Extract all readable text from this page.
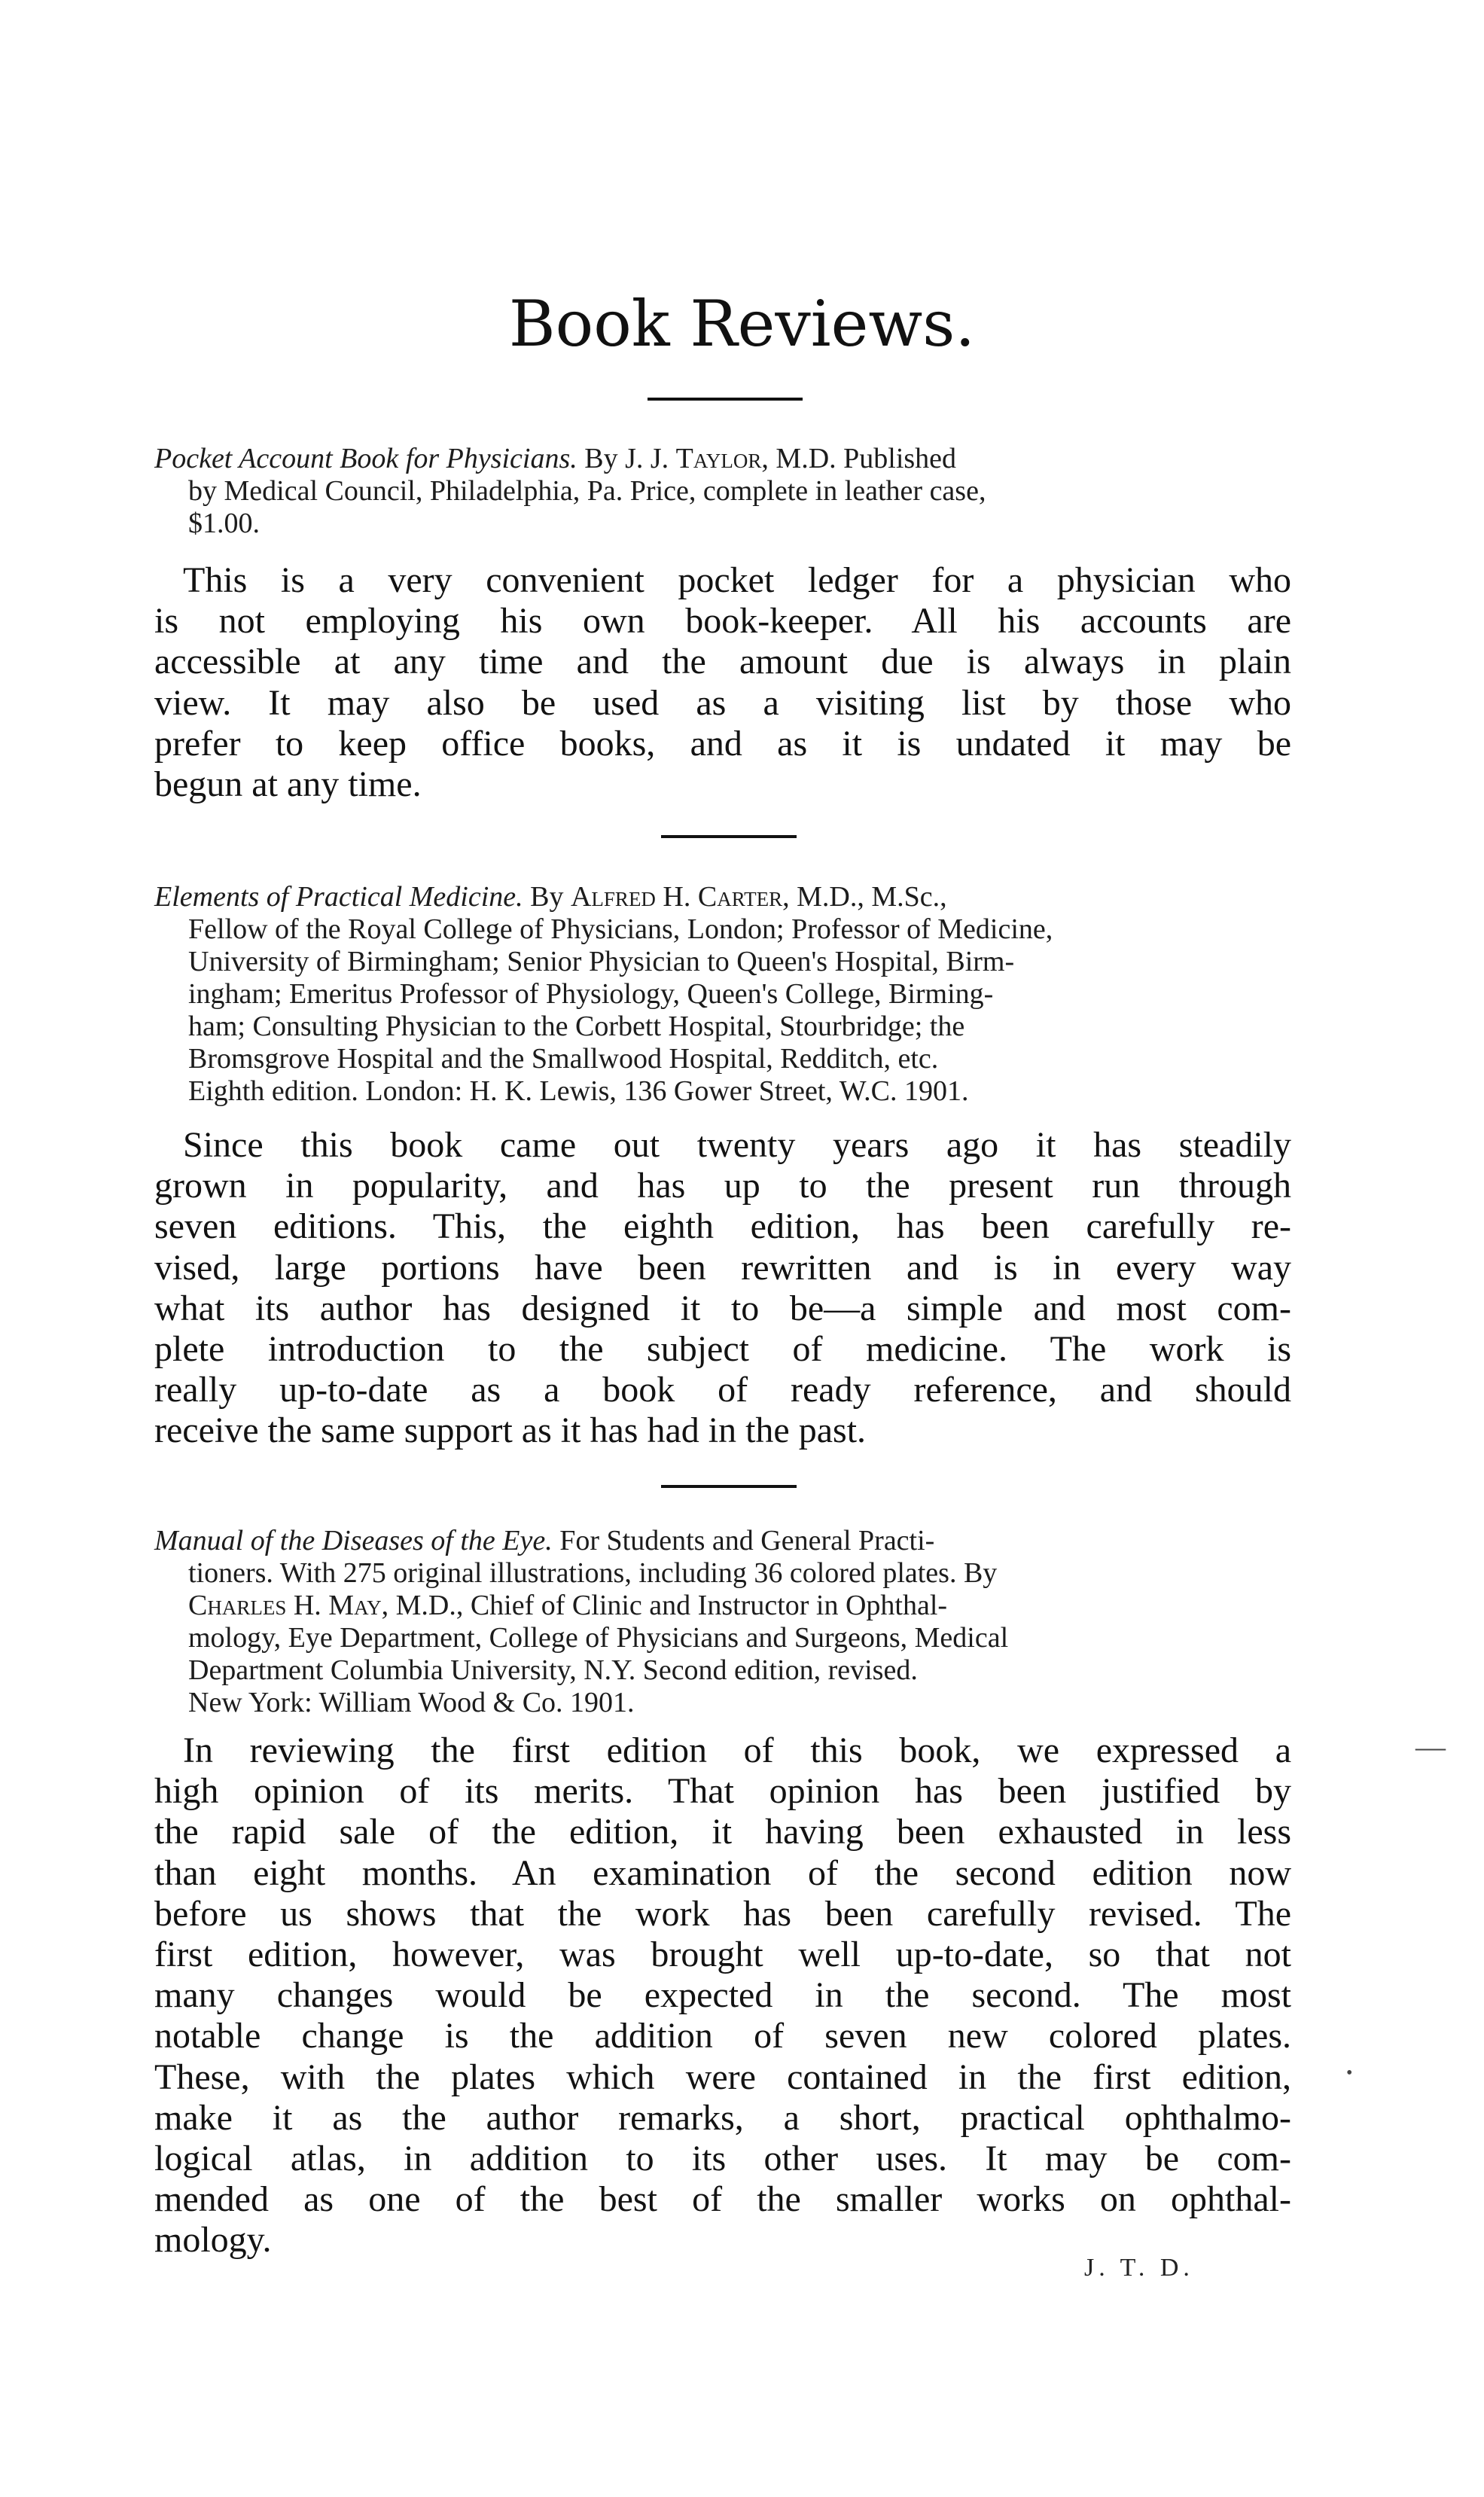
Book Reviews.
Pocket Account Book for Physicians. By J. J. Taylor, M.D. Published
by Medical Council, Philadelphia, Pa. Price, complete in leather case,
$1.00.
This is a very convenient pocket ledger for a physician who
is not employing his own book-keeper. All his accounts are
accessible at any time and the amount due is always in plain
view. It may also be used as a visiting list by those who
prefer to keep office books, and as it is undated it may be
begun at any time.
Elements of Practical Medicine. By Alfred H. Carter, M.D., M.Sc.,
Fellow of the Royal College of Physicians, London; Professor of Medicine,
University of Birmingham; Senior Physician to Queen's Hospital, Birm-
ingham; Emeritus Professor of Physiology, Queen's College, Birming-
ham; Consulting Physician to the Corbett Hospital, Stourbridge; the
Bromsgrove Hospital and the Smallwood Hospital, Redditch, etc.
Eighth edition. London: H. K. Lewis, 136 Gower Street, W.C. 1901.
Since this book came out twenty years ago it has steadily
grown in popularity, and has up to the present run through
seven editions. This, the eighth edition, has been carefully re-
vised, large portions have been rewritten and is in every way
what its author has designed it to be—a simple and most com-
plete introduction to the subject of medicine. The work is
really up-to-date as a book of ready reference, and should
receive the same support as it has had in the past.
Manual of the Diseases of the Eye. For Students and General Practi-
tioners. With 275 original illustrations, including 36 colored plates. By
Charles H. May, M.D., Chief of Clinic and Instructor in Ophthal-
mology, Eye Department, College of Physicians and Surgeons, Medical
Department Columbia University, N.Y. Second edition, revised.
New York: William Wood & Co. 1901.
In reviewing the first edition of this book, we expressed a
high opinion of its merits. That opinion has been justified by
the rapid sale of the edition, it having been exhausted in less
than eight months. An examination of the second edition now
before us shows that the work has been carefully revised. The
first edition, however, was brought well up-to-date, so that not
many changes would be expected in the second. The most
notable change is the addition of seven new colored plates.
These, with the plates which were contained in the first edition,
make it as the author remarks, a short, practical ophthalmo-
logical atlas, in addition to its other uses. It may be com-
mended as one of the best of the smaller works on ophthal-
mology.
J. T. D.
—
•
